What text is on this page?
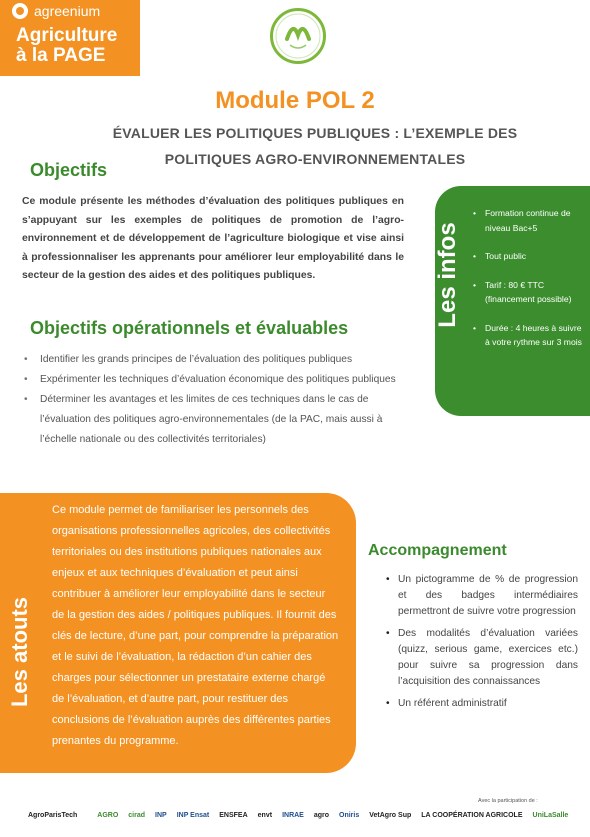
agreenium
Agriculture
à la PAGE
Module POL 2
ÉVALUER LES POLITIQUES PUBLIQUES : L’EXEMPLE DES
POLITIQUES AGRO-ENVIRONNEMENTALES
Objectifs

Ce module présente les méthodes d’évaluation des politiques publiques en s’appuyant sur les exemples de politiques de promotion de l’agro-environnement et de développement de l’agriculture biologique et vise ainsi à professionnaliser les apprenants pour améliorer leur employabilité dans le secteur de la gestion des aides et des politiques publiques.

Objectifs opérationnels et évaluables
• Identifier les grands principes de l’évaluation des politiques publiques
• Expérimenter les techniques d’évaluation économique des politiques publiques
• Déterminer les avantages et les limites de ces techniques dans le cas de l’évaluation des politiques agro-environnementales (de la PAC, mais aussi à l’échelle nationale ou des collectivités territoriales)
• Formation continue de niveau Bac+5
• Tout public
• Tarif : 80 € TTC (financement possible)
• Durée : 4 heures à suivre à votre rythme sur 3 mois
Les infos
Les atouts

Ce module permet de familiariser les personnels des organisations professionnelles agricoles, des collectivités territoriales ou des institutions publiques nationales aux enjeux et aux techniques d’évaluation et peut ainsi contribuer à améliorer leur employabilité dans le secteur de la gestion des aides / politiques publiques. Il fournit des clés de lecture, d’une part, pour comprendre la préparation et le suivi de l’évaluation, la rédaction d’un cahier des charges pour sélectionner un prestataire externe chargé de l’évaluation, et d’autre part, pour restituer des conclusions de l’évaluation auprès des différentes parties prenantes du programme.

Accompagnement
• Un pictogramme de % de progression et des badges intermédiaires permettront de suivre votre progression
• Des modalités d’évaluation variées (quizz, serious game, exercices etc.) pour suivre sa progression dans l’acquisition des connaissances
• Un référent administratif
Avec la participation de :
AgroParisTech	AGRO cirad INP INP Ensat ENSFEA envt INRAE agro Oniris VetAgro Sup LA COOPÉRATION AGRICOLE UniLaSalle
